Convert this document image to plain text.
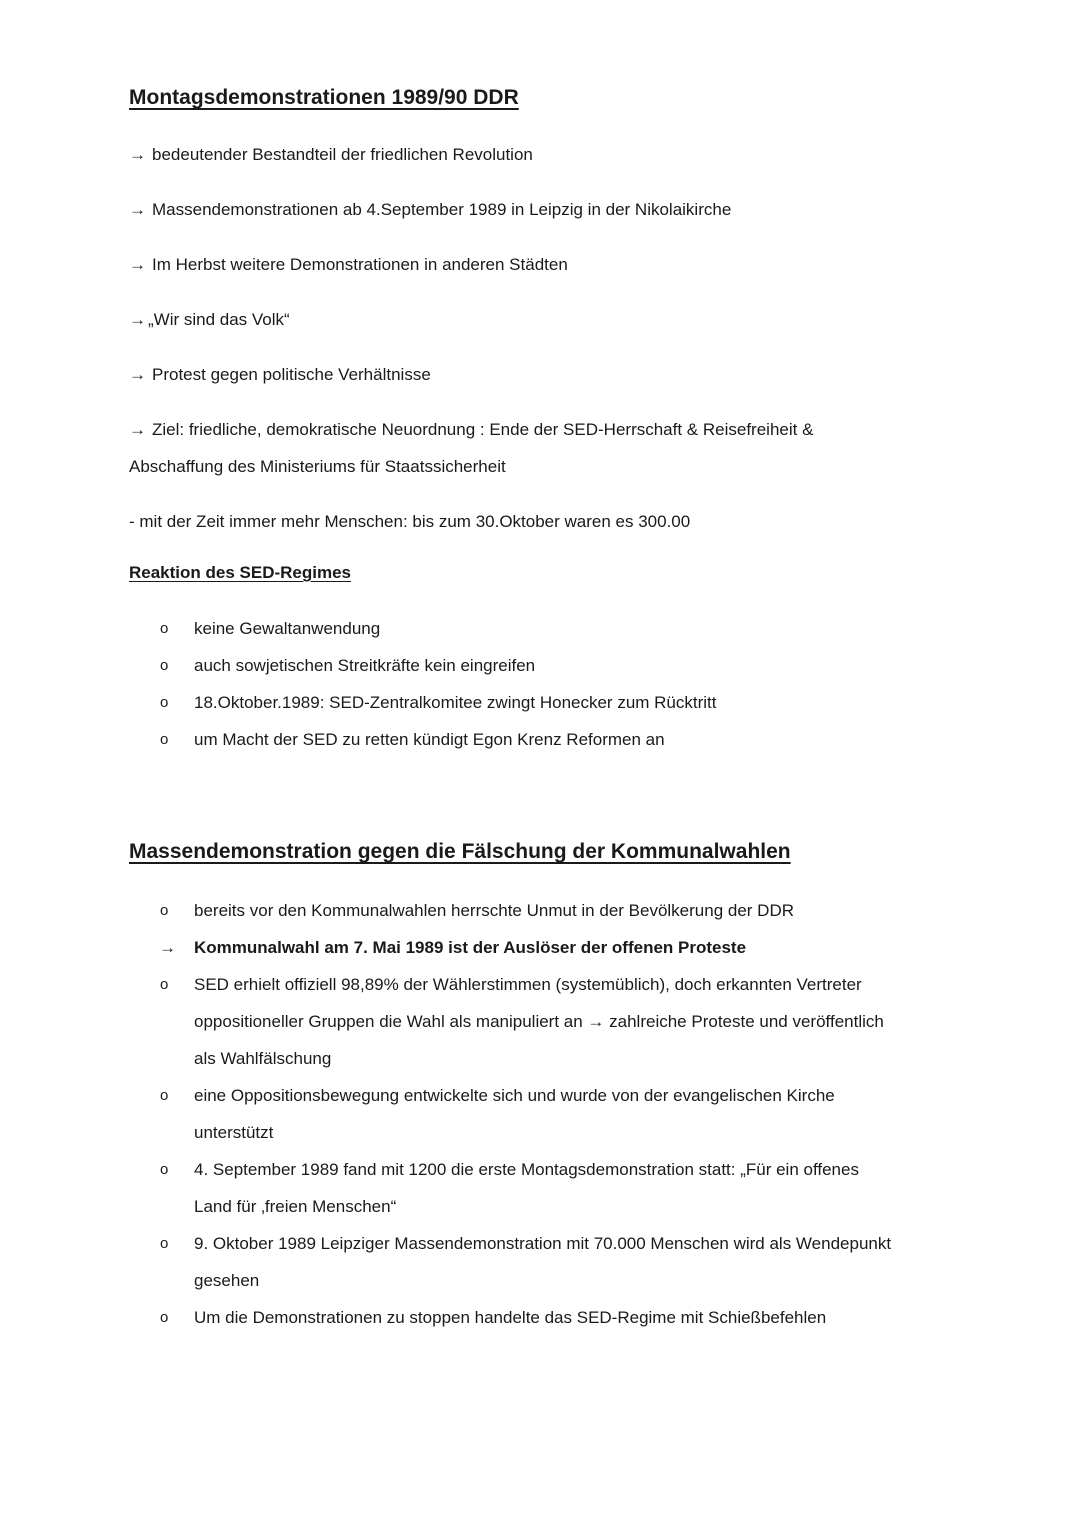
Montagsdemonstrationen 1989/90 DDR

→ bedeutender Bestandteil der friedlichen Revolution

→ Massendemonstrationen ab 4.September 1989 in Leipzig in der Nikolaikirche

→ Im Herbst weitere Demonstrationen in anderen Städten

→ „Wir sind das Volk“

→ Protest gegen politische Verhältnisse

→ Ziel: friedliche, demokratische Neuordnung : Ende der SED-Herrschaft & Reisefreiheit &

Abschaffung des Ministeriums für Staatssicherheit

- mit der Zeit immer mehr Menschen: bis zum 30.Oktober waren es 300.00

Reaktion des SED-Regimes
o keine Gewaltanwendung
o auch sowjetischen Streitkräfte kein eingreifen
o 18.Oktober.1989: SED-Zentralkomitee zwingt Honecker zum Rücktritt
o um Macht der SED zu retten kündigt Egon Krenz Reformen an
Massendemonstration gegen die Fälschung der Kommunalwahlen
o bereits vor den Kommunalwahlen herrschte Unmut in der Bevölkerung der DDR
→ Kommunalwahl am 7. Mai 1989 ist der Auslöser der offenen Proteste
o SED erhielt offiziell 98,89% der Wählerstimmen (systemüblich), doch erkannten Vertreter
oppositioneller Gruppen die Wahl als manipuliert an → zahlreiche Proteste und veröffentlich
als Wahlfälschung
o eine Oppositionsbewegung entwickelte sich und wurde von der evangelischen Kirche
unterstützt
o 4. September 1989 fand mit 1200 die erste Montagsdemonstration statt: „Für ein offenes
Land für ‚freien Menschen“
o 9. Oktober 1989 Leipziger Massendemonstration mit 70.000 Menschen wird als Wendepunkt
gesehen
o Um die Demonstrationen zu stoppen handelte das SED-Regime mit Schießbefehlen
